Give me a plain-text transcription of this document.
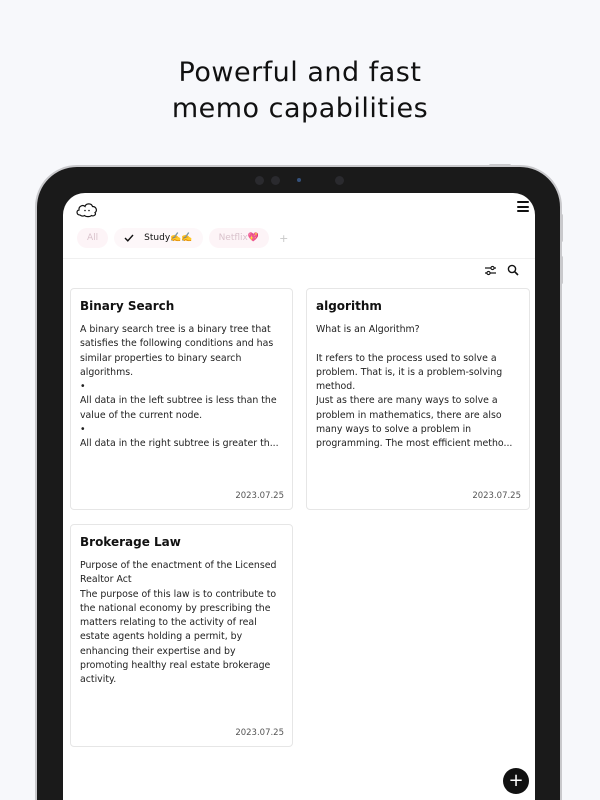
Powerful and fast
memo capabilities
All	Study✍️✍️	Netflix💖 +
Binary Search
A binary search tree is a binary tree that satisfies the following conditions and has similar properties to binary search algorithms.
•
All data in the left subtree is less than the value of the current node.
•
All data in the right subtree is greater th...
2023.07.25
algorithm
What is an Algorithm?

It refers to the process used to solve a problem. That is, it is a problem-solving method.
Just as there are many ways to solve a problem in mathematics, there are also many ways to solve a problem in programming. The most efficient metho...
2023.07.25
Brokerage Law
Purpose of the enactment of the Licensed Realtor Act
The purpose of this law is to contribute to the national economy by prescribing the matters relating to the activity of real estate agents holding a permit, by enhancing their expertise and by promoting healthy real estate brokerage activity.
2023.07.25
+
